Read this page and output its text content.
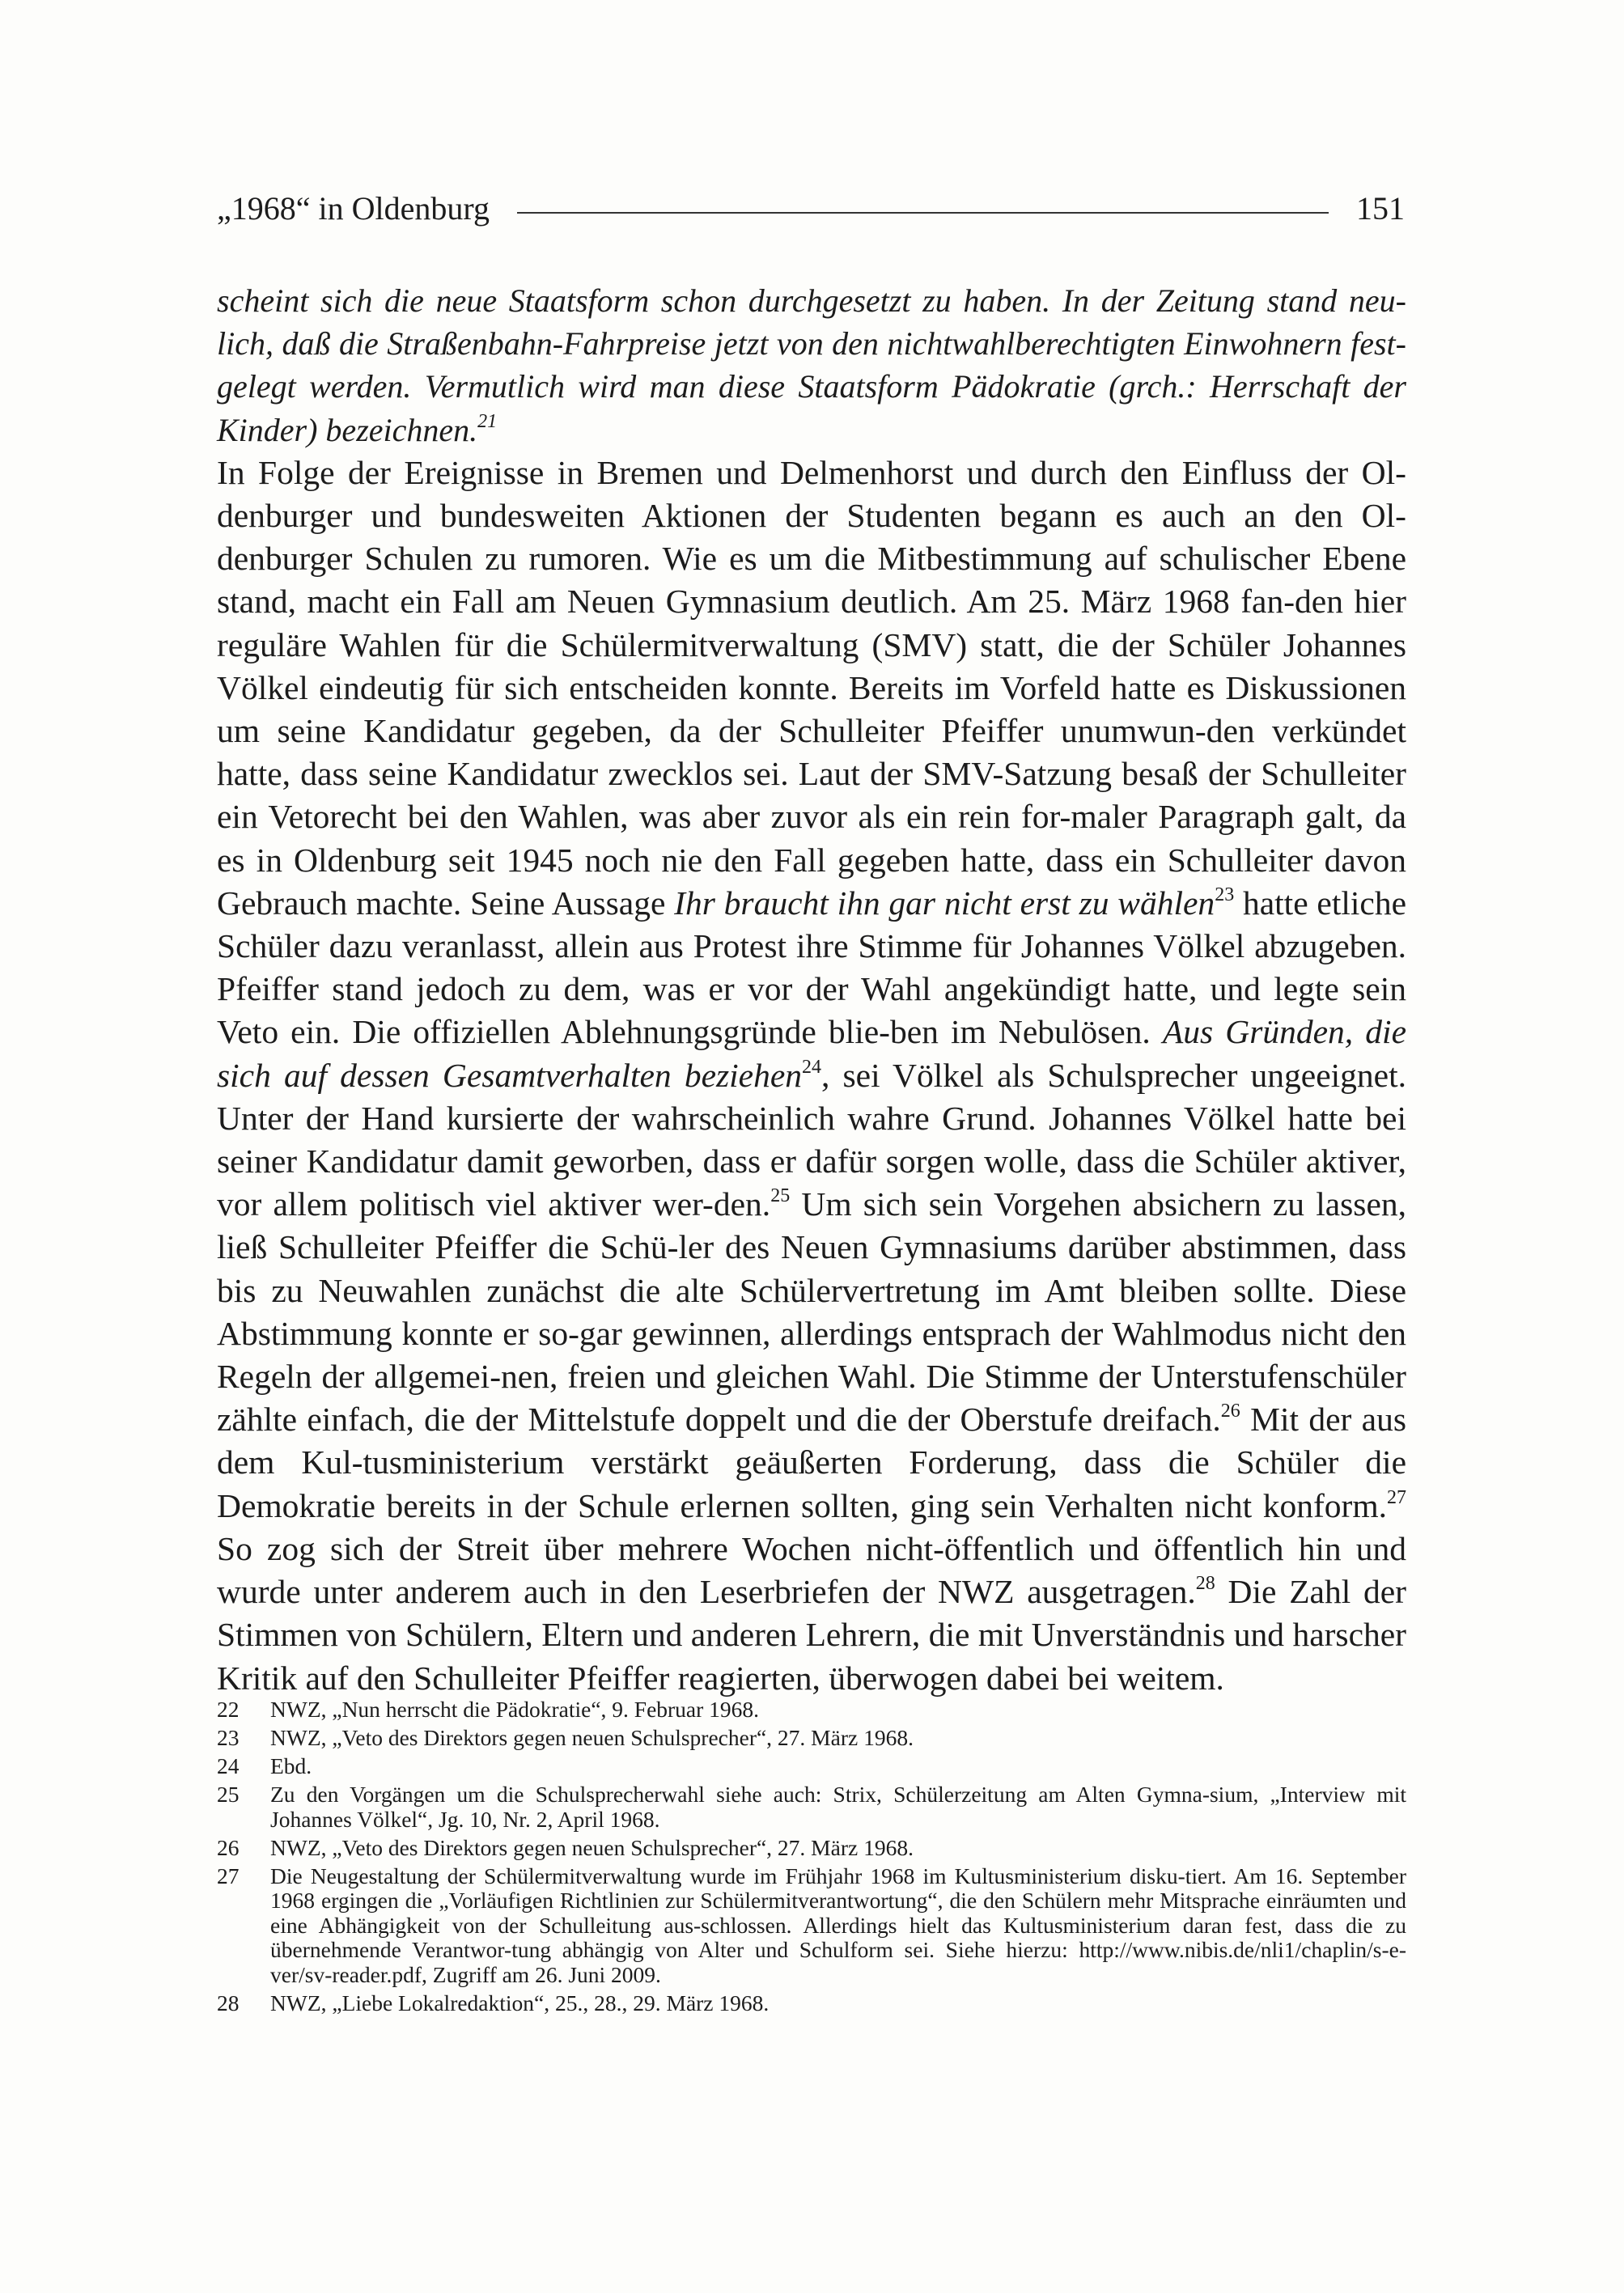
„1968“ in Oldenburg	151

scheint sich die neue Staatsform schon durchgesetzt zu haben. In der Zeitung stand neu-lich, daß die Straßenbahn-Fahrpreise jetzt von den nichtwahlberechtigten Einwohnern fest-gelegt werden. Vermutlich wird man diese Staatsform Pädokratie (grch.: Herrschaft der Kinder) bezeichnen.$^{21}$

In Folge der Ereignisse in Bremen und Delmenhorst und durch den Einfluss der Ol-denburger und bundesweiten Aktionen der Studenten begann es auch an den Ol-denburger Schulen zu rumoren. Wie es um die Mitbestimmung auf schulischer Ebene stand, macht ein Fall am Neuen Gymnasium deutlich. Am 25. März 1968 fan-den hier reguläre Wahlen für die Schülermitverwaltung (SMV) statt, die der Schüler Johannes Völkel eindeutig für sich entscheiden konnte. Bereits im Vorfeld hatte es Diskussionen um seine Kandidatur gegeben, da der Schulleiter Pfeiffer unumwun-den verkündet hatte, dass seine Kandidatur zwecklos sei. Laut der SMV-Satzung besaß der Schulleiter ein Vetorecht bei den Wahlen, was aber zuvor als ein rein for-maler Paragraph galt, da es in Oldenburg seit 1945 noch nie den Fall gegeben hatte, dass ein Schulleiter davon Gebrauch machte. Seine Aussage Ihr braucht ihn gar nicht erst zu wählen$^{23}$ hatte etliche Schüler dazu veranlasst, allein aus Protest ihre Stimme für Johannes Völkel abzugeben. Pfeiffer stand jedoch zu dem, was er vor der Wahl angekündigt hatte, und legte sein Veto ein. Die offiziellen Ablehnungsgründe blie-ben im Nebulösen. Aus Gründen, die sich auf dessen Gesamtverhalten beziehen$^{24}$, sei Völkel als Schulsprecher ungeeignet. Unter der Hand kursierte der wahrscheinlich wahre Grund. Johannes Völkel hatte bei seiner Kandidatur damit geworben, dass er dafür sorgen wolle, dass die Schüler aktiver, vor allem politisch viel aktiver wer-den.$^{25}$ Um sich sein Vorgehen absichern zu lassen, ließ Schulleiter Pfeiffer die Schü-ler des Neuen Gymnasiums darüber abstimmen, dass bis zu Neuwahlen zunächst die alte Schülervertretung im Amt bleiben sollte. Diese Abstimmung konnte er so-gar gewinnen, allerdings entsprach der Wahlmodus nicht den Regeln der allgemei-nen, freien und gleichen Wahl. Die Stimme der Unterstufenschüler zählte einfach, die der Mittelstufe doppelt und die der Oberstufe dreifach.$^{26}$ Mit der aus dem Kul-tusministerium verstärkt geäußerten Forderung, dass die Schüler die Demokratie bereits in der Schule erlernen sollten, ging sein Verhalten nicht konform.$^{27}$ So zog sich der Streit über mehrere Wochen nicht-öffentlich und öffentlich hin und wurde unter anderem auch in den Leserbriefen der NWZ ausgetragen.$^{28}$ Die Zahl der Stimmen von Schülern, Eltern und anderen Lehrern, die mit Unverständnis und harscher Kritik auf den Schulleiter Pfeiffer reagierten, überwogen dabei bei weitem.

22	NWZ, „Nun herrscht die Pädokratie“, 9. Februar 1968.
23	NWZ, „Veto des Direktors gegen neuen Schulsprecher“, 27. März 1968.
24	Ebd.
25	Zu den Vorgängen um die Schulsprecherwahl siehe auch: Strix, Schülerzeitung am Alten Gymna-sium, „Interview mit Johannes Völkel“, Jg. 10, Nr. 2, April 1968.
26	NWZ, „Veto des Direktors gegen neuen Schulsprecher“, 27. März 1968.
27	Die Neugestaltung der Schülermitverwaltung wurde im Frühjahr 1968 im Kultusministerium disku-tiert. Am 16. September 1968 ergingen die „Vorläufigen Richtlinien zur Schülermitverantwortung“, die den Schülern mehr Mitsprache einräumten und eine Abhängigkeit von der Schulleitung aus-schlossen. Allerdings hielt das Kultusministerium daran fest, dass die zu übernehmende Verantwor-tung abhängig von Alter und Schulform sei. Siehe hierzu: http://www.nibis.de/nli1/chaplin/s-e-ver/sv-reader.pdf, Zugriff am 26. Juni 2009.
28	NWZ, „Liebe Lokalredaktion“, 25., 28., 29. März 1968.
